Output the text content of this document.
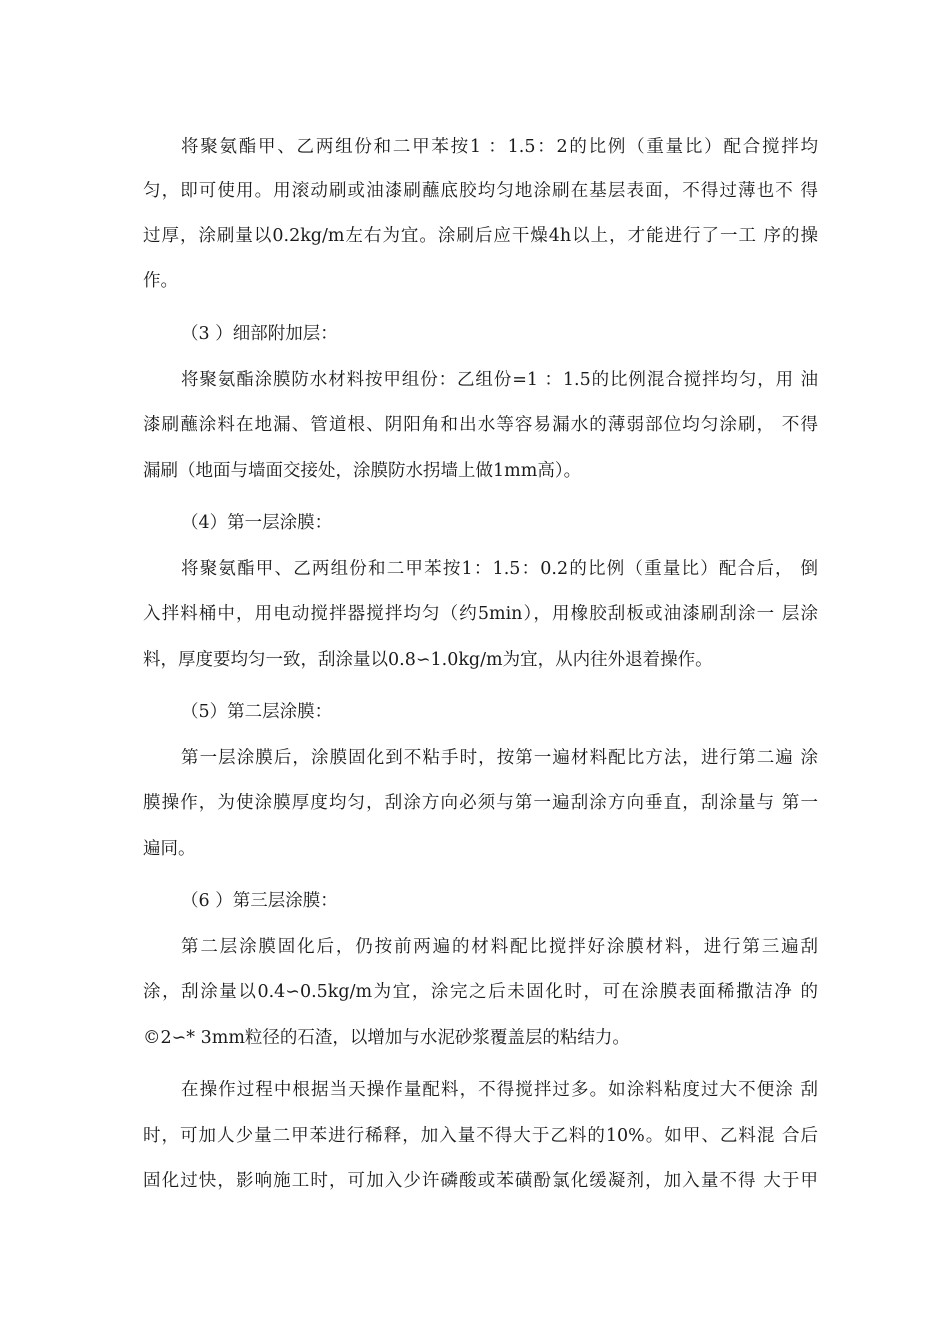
将聚氨酯甲、乙两组份和二甲苯按1 ：1.5：2的比例（重量比）配合搅拌均
匀，即可使用。用滚动刷或油漆刷蘸底胶均匀地涂刷在基层表面，不得过薄也不 得
过厚，涂刷量以0.2kg/m左右为宜。涂刷后应干燥4h以上，才能进行了一工 序的操
作。
（3 ）细部附加层：
将聚氨酯涂膜防水材料按甲组份：乙组份=1 ：1.5的比例混合搅拌均匀，用 油
漆刷蘸涂料在地漏、管道根、阴阳角和出水等容易漏水的薄弱部位均匀涂刷， 不得
漏刷（地面与墙面交接处，涂膜防水拐墙上做1mm高）。
（4）第一层涂膜：
将聚氨酯甲、乙两组份和二甲苯按1：1.5：0.2的比例（重量比）配合后， 倒
入拌料桶中，用电动搅拌器搅拌均匀（约5min），用橡胶刮板或油漆刷刮涂一 层涂
料，厚度要均匀一致，刮涂量以0.8∽1.0kg/m为宜，从内往外退着操作。
（5）第二层涂膜：
第一层涂膜后，涂膜固化到不粘手时，按第一遍材料配比方法，进行第二遍 涂
膜操作，为使涂膜厚度均匀，刮涂方向必须与第一遍刮涂方向垂直，刮涂量与 第一
遍同。
（6 ）第三层涂膜：
第二层涂膜固化后，仍按前两遍的材料配比搅拌好涂膜材料，进行第三遍刮
涂，刮涂量以0.4∽0.5kg/m为宜，涂完之后未固化时，可在涂膜表面稀撒洁净 的
©2∽* 3mm粒径的石渣，以增加与水泥砂浆覆盖层的粘结力。
在操作过程中根据当天操作量配料，不得搅拌过多。如涂料粘度过大不便涂 刮
时，可加人少量二甲苯进行稀释，加入量不得大于乙料的10%。如甲、乙料混 合后
固化过快，影响施工时，可加入少许磷酸或苯磺酚氯化缓凝剂，加入量不得 大于甲
